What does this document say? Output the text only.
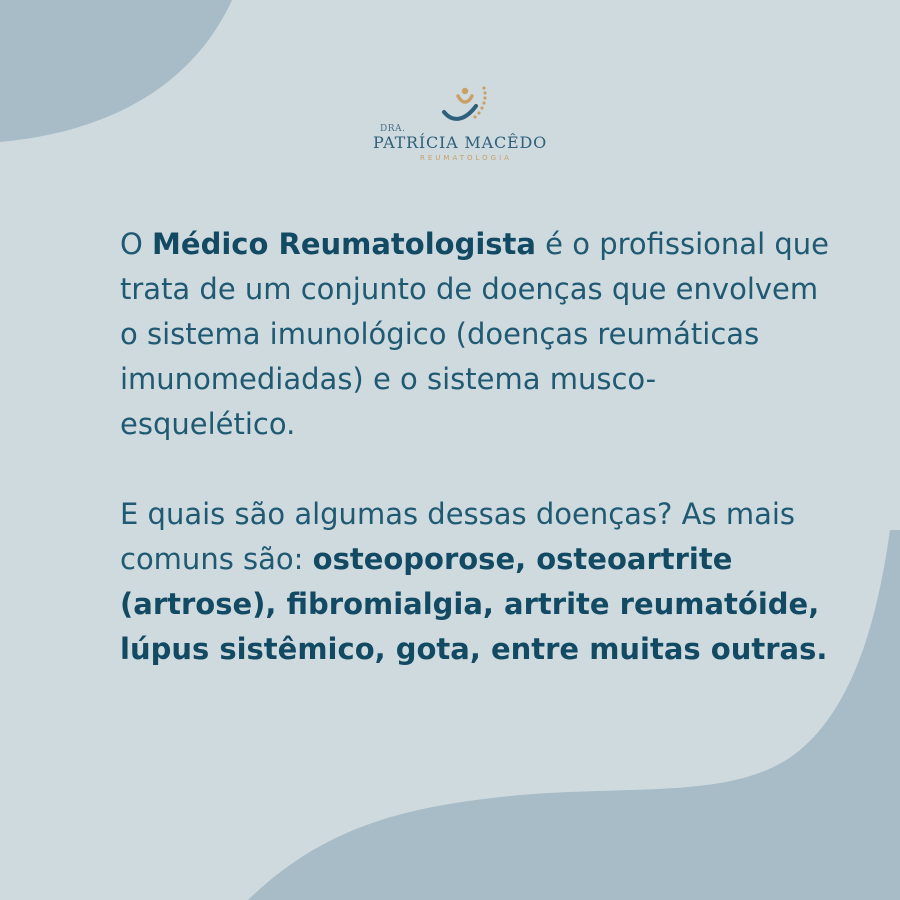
DRA.
PATRÍCIA MACÊDO
REUMATOLOGIA

O Médico Reumatologista é o profissional que trata de um conjunto de doenças que envolvem o sistema imunológico (doenças reumáticas imunomediadas) e o sistema musco-esquelético.

E quais são algumas dessas doenças? As mais comuns são: osteoporose, osteoartrite (artrose), fibromialgia, artrite reumatóide, lúpus sistêmico, gota, entre muitas outras.
